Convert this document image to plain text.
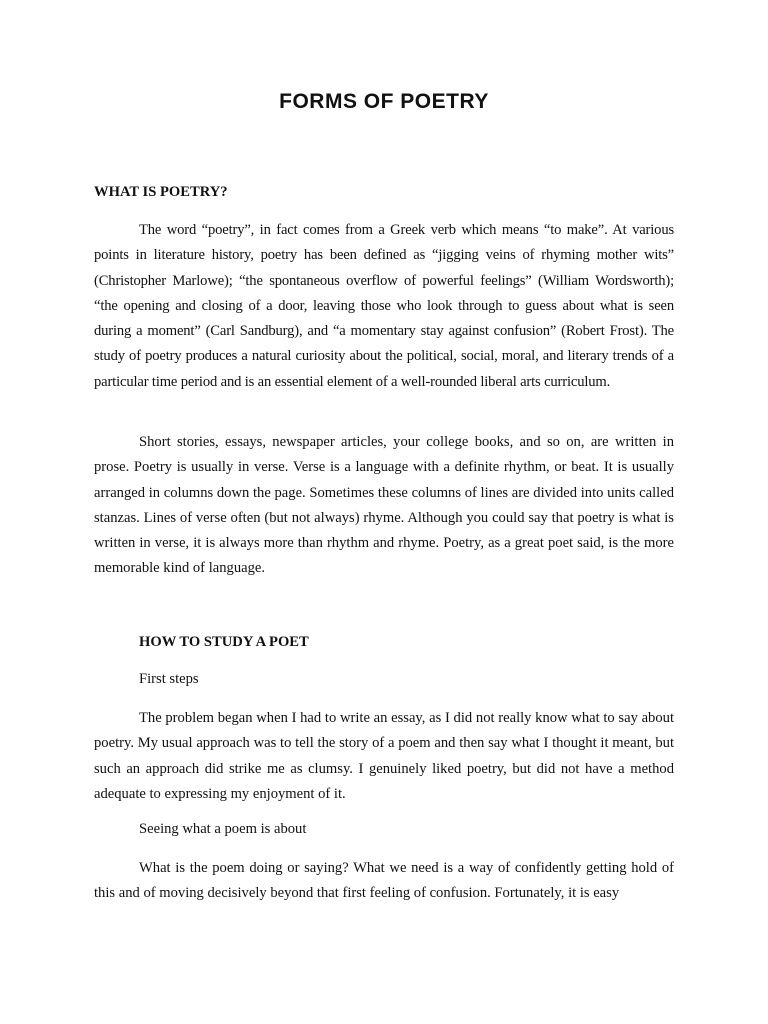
FORMS OF POETRY
WHAT IS POETRY?

The word “poetry”, in fact comes from a Greek verb which means “to make”. At various points in literature history, poetry has been defined as “jigging veins of rhyming mother wits” (Christopher Marlowe); “the spontaneous overflow of powerful feelings” (William Wordsworth); “the opening and closing of a door, leaving those who look through to guess about what is seen during a moment” (Carl Sandburg), and “a momentary stay against confusion” (Robert Frost). The study of poetry produces a natural curiosity about the political, social, moral, and literary trends of a particular time period and is an essential element of a well-rounded liberal arts curriculum.

Short stories, essays, newspaper articles, your college books, and so on, are written in prose. Poetry is usually in verse. Verse is a language with a definite rhythm, or beat. It is usually arranged in columns down the page. Sometimes these columns of lines are divided into units called stanzas. Lines of verse often (but not always) rhyme. Although you could say that poetry is what is written in verse, it is always more than rhythm and rhyme. Poetry, as a great poet said, is the more memorable kind of language.

HOW TO STUDY A POET

First steps

The problem began when I had to write an essay, as I did not really know what to say about poetry. My usual approach was to tell the story of a poem and then say what I thought it meant, but such an approach did strike me as clumsy. I genuinely liked poetry, but did not have a method adequate to expressing my enjoyment of it.

Seeing what a poem is about

What is the poem doing or saying? What we need is a way of confidently getting hold of this and of moving decisively beyond that first feeling of confusion. Fortunately, it is easy
